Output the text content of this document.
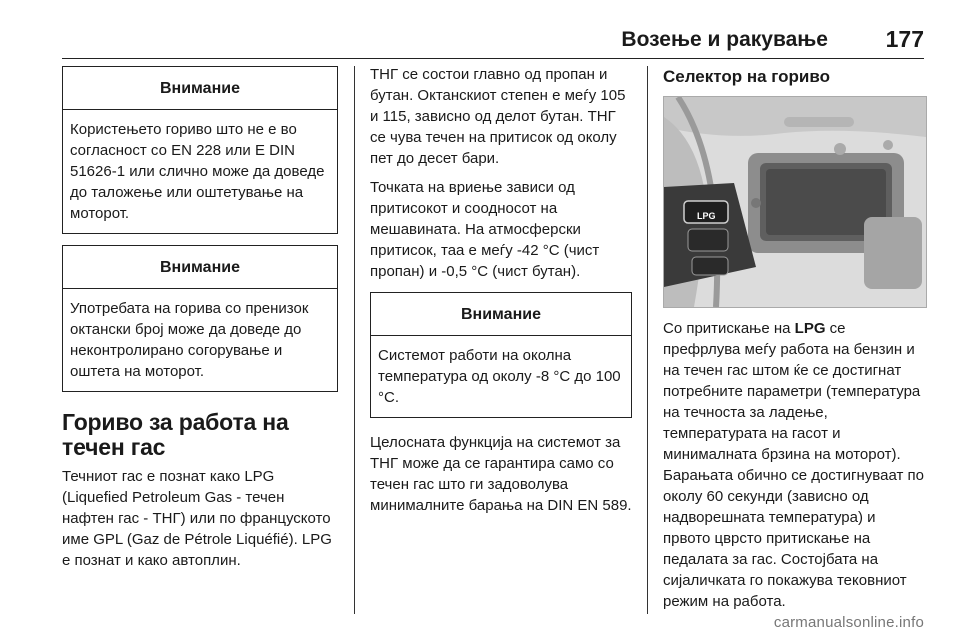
Возење и ракување	177
Внимание
Користењето гориво што не е во согласност со EN 228 или E DIN 51626-1 или слично може да доведе до таложење или оштетување на моторот.
Внимание
Употребата на горива со пренизок октански број може да доведе до неконтролирано согорување и оштета на моторот.
Гориво за работа на течен гас

Течниот гас е познат како LPG (Liquefied Petroleum Gas - течен нафтен гас - ТНГ) или по француското име GPL (Gaz de Pétrole Liquéfié). LPG е познат и како автоплин.

ТНГ се состои главно од пропан и бутан. Октанскиот степен е меѓу 105 и 115, зависно од делот бутан. ТНГ се чува течен на притисок од околу пет до десет бари.

Точката на вриење зависи од притисокот и соодносот на мешавината. На атмосферски притисок, таа е меѓу -42 °C (чист пропан) и -0,5 °C (чист бутан).

Внимание
Системот работи на околна температура од околу -8 °C до 100 °C.

Целосната функција на системот за ТНГ може да се гарантира само со течен гас што ги задоволува минималните барања на DIN EN 589.

Селектор на гориво
LPG

Со притискање на LPG се префрлува меѓу работа на бензин и на течен гас штом ќе се достигнат потребните параметри (температура на течноста за ладење, температурата на гасот и минималната брзина на моторот). Барањата обично се достигнуваат по околу 60 секунди (зависно од надворешната температура) и првото цврсто притискање на педалата за гас. Состојбата на сијаличката го покажува тековниот режим на работа.

carmanualsonline.info
